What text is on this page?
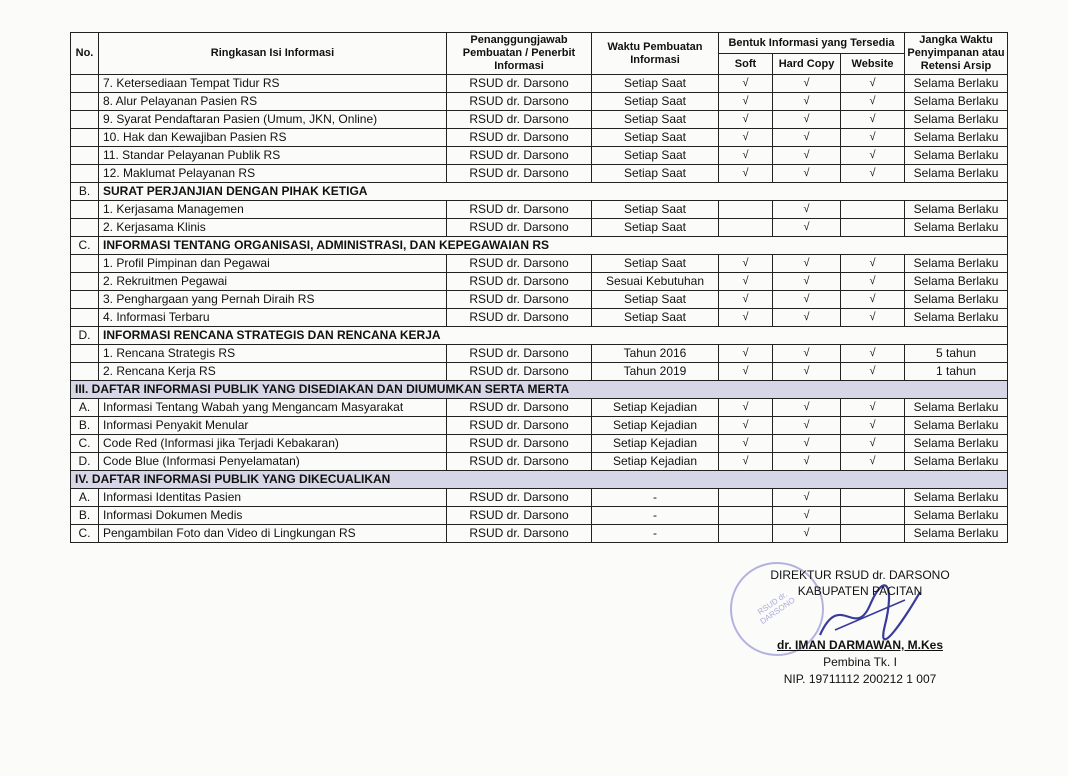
No.	Ringkasan Isi Informasi	Penanggungjawab Pembuatan / Penerbit Informasi	Waktu Pembuatan Informasi	Bentuk Informasi yang Tersedia			Jangka Waktu Penyimpanan atau Retensi Arsip
				Soft	Hard Copy	Website	
	7. Ketersediaan Tempat Tidur RS	RSUD dr. Darsono	Setiap Saat	√	√	√	Selama Berlaku
	8. Alur Pelayanan Pasien RS	RSUD dr. Darsono	Setiap Saat	√	√	√	Selama Berlaku
	9. Syarat Pendaftaran Pasien (Umum, JKN, Online)	RSUD dr. Darsono	Setiap Saat	√	√	√	Selama Berlaku
	10. Hak dan Kewajiban Pasien RS	RSUD dr. Darsono	Setiap Saat	√	√	√	Selama Berlaku
	11. Standar Pelayanan Publik RS	RSUD dr. Darsono	Setiap Saat	√	√	√	Selama Berlaku
	12. Maklumat Pelayanan RS	RSUD dr. Darsono	Setiap Saat	√	√	√	Selama Berlaku
B.	SURAT PERJANJIAN DENGAN PIHAK KETIGA						
	1. Kerjasama Managemen	RSUD dr. Darsono	Setiap Saat		√		Selama Berlaku
	2. Kerjasama Klinis	RSUD dr. Darsono	Setiap Saat		√		Selama Berlaku
C.	INFORMASI TENTANG ORGANISASI, ADMINISTRASI, DAN KEPEGAWAIAN RS						
	1. Profil Pimpinan dan Pegawai	RSUD dr. Darsono	Setiap Saat	√	√	√	Selama Berlaku
	2. Rekruitmen Pegawai	RSUD dr. Darsono	Sesuai Kebutuhan	√	√	√	Selama Berlaku
	3. Penghargaan yang Pernah Diraih RS	RSUD dr. Darsono	Setiap Saat	√	√	√	Selama Berlaku
	4. Informasi Terbaru	RSUD dr. Darsono	Setiap Saat	√	√	√	Selama Berlaku
D.	INFORMASI RENCANA STRATEGIS DAN RENCANA KERJA						
	1. Rencana Strategis RS	RSUD dr. Darsono	Tahun 2016	√	√	√	5 tahun
	2. Rencana Kerja RS	RSUD dr. Darsono	Tahun 2019	√	√	√	1 tahun
III. DAFTAR INFORMASI PUBLIK YANG DISEDIAKAN DAN DIUMUMKAN SERTA MERTA							
A.	Informasi Tentang Wabah yang Mengancam Masyarakat	RSUD dr. Darsono	Setiap Kejadian	√	√	√	Selama Berlaku
B.	Informasi Penyakit Menular	RSUD dr. Darsono	Setiap Kejadian	√	√	√	Selama Berlaku
C.	Code Red (Informasi jika Terjadi Kebakaran)	RSUD dr. Darsono	Setiap Kejadian	√	√	√	Selama Berlaku
D.	Code Blue (Informasi Penyelamatan)	RSUD dr. Darsono	Setiap Kejadian	√	√	√	Selama Berlaku
IV. DAFTAR INFORMASI PUBLIK YANG DIKECUALIKAN							
A.	Informasi Identitas Pasien	RSUD dr. Darsono	-		√		Selama Berlaku
B.	Informasi Dokumen Medis	RSUD dr. Darsono	-		√		Selama Berlaku
C.	Pengambilan Foto dan Video di Lingkungan RS	RSUD dr. Darsono	-		√		Selama Berlaku
RSUD dr. DARSONO
DIREKTUR RSUD dr. DARSONO
KABUPATEN PACITAN
dr. IMAN DARMAWAN, M.Kes
Pembina Tk. I
NIP. 19711112 200212 1 007
